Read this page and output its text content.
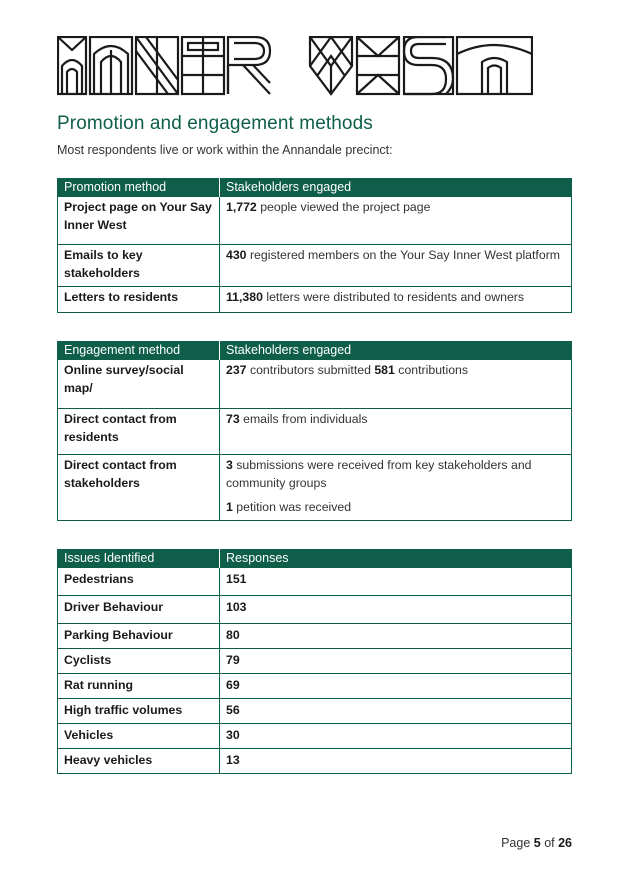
Promotion and engagement methods

Most respondents live or work within the Annandale precinct:

Promotion method	Stakeholders engaged
Project page on Your Say Inner West	1,772 people viewed the project page
Emails to key stakeholders	430 registered members on the Your Say Inner West platform
Letters to residents	11,380 letters were distributed to residents and owners
Engagement method	Stakeholders engaged
Online survey/social map/	237 contributors submitted 581 contributions
Direct contact from residents	73 emails from individuals
Direct contact from stakeholders	3 submissions were received from key stakeholders and community groups
1 petition was received
Issues Identified	Responses
Pedestrians	151
Driver Behaviour	103
Parking Behaviour	80
Cyclists	79
Rat running	69
High traffic volumes	56
Vehicles	30
Heavy vehicles	13
Page 5 of 26
